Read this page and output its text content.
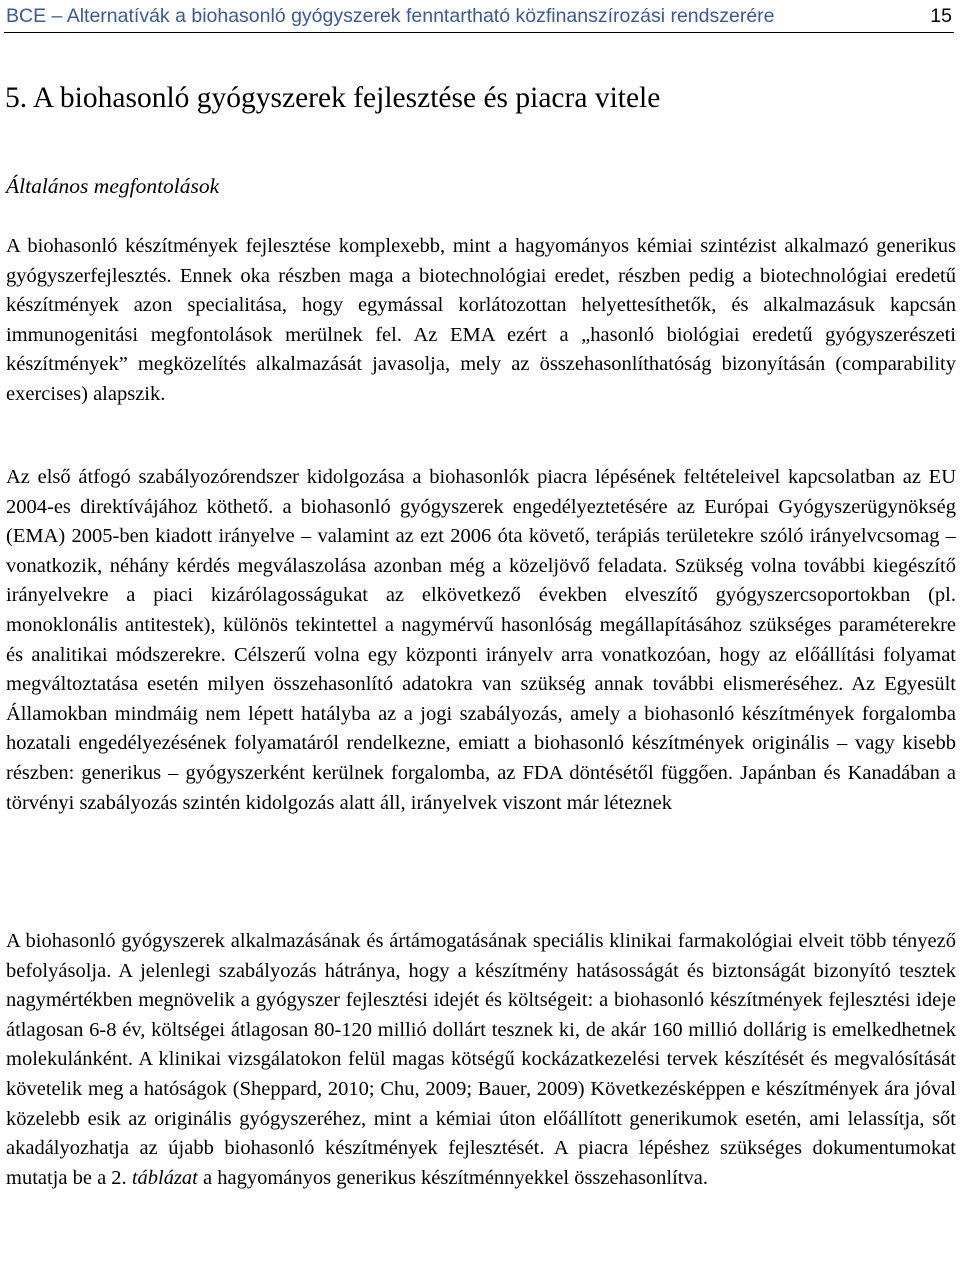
BCE – Alternatívák a biohasonló gyógyszerek fenntartható közfinanszírozási rendszerére	15
5. A biohasonló gyógyszerek fejlesztése és piacra vitele
Általános megfontolások

A biohasonló készítmények fejlesztése komplexebb, mint a hagyományos kémiai szintézist alkalmazó generikus gyógyszerfejlesztés. Ennek oka részben maga a biotechnológiai eredet, részben pedig a biotechnológiai eredetű készítmények azon specialitása, hogy egymással korlátozottan helyettesíthetők, és alkalmazásuk kapcsán immunogenitási megfontolások merülnek fel. Az EMA ezért a „hasonló biológiai eredetű gyógyszerészeti készítmények” megközelítés alkalmazását javasolja, mely az összehasonlíthatóság bizonyításán (comparability exercises) alapszik.

Az első átfogó szabályozórendszer kidolgozása a biohasonlók piacra lépésének feltételeivel kapcsolatban az EU 2004-es direktívájához köthető. a biohasonló gyógyszerek engedélyeztetésére az Európai Gyógyszerügynökség (EMA) 2005-ben kiadott irányelve – valamint az ezt 2006 óta követő, terápiás területekre szóló irányelvcsomag – vonatkozik, néhány kérdés megválaszolása azonban még a közeljövő feladata. Szükség volna további kiegészítő irányelvekre a piaci kizárólagosságukat az elkövetkező években elveszítő gyógyszercsoportokban (pl. monoklonális antitestek), különös tekintettel a nagymérvű hasonlóság megállapításához szükséges paraméterekre és analitikai módszerekre. Célszerű volna egy központi irányelv arra vonatkozóan, hogy az előállítási folyamat megváltoztatása esetén milyen összehasonlító adatokra van szükség annak további elismeréséhez. Az Egyesült Államokban mindmáig nem lépett hatályba az a jogi szabályozás, amely a biohasonló készítmények forgalomba hozatali engedélyezésének folyamatáról rendelkezne, emiatt a biohasonló készítmények originális – vagy kisebb részben: generikus – gyógyszerként kerülnek forgalomba, az FDA döntésétől függően. Japánban és Kanadában a törvényi szabályozás szintén kidolgozás alatt áll, irányelvek viszont már léteznek

A biohasonló gyógyszerek alkalmazásának és ártámogatásának speciális klinikai farmakológiai elveit több tényező befolyásolja. A jelenlegi szabályozás hátránya, hogy a készítmény hatásosságát és biztonságát bizonyító tesztek nagymértékben megnövelik a gyógyszer fejlesztési idejét és költségeit: a biohasonló készítmények fejlesztési ideje átlagosan 6-8 év, költségei átlagosan 80-120 millió dollárt tesznek ki, de akár 160 millió dollárig is emelkedhetnek molekulánként. A klinikai vizsgálatokon felül magas kötségű kockázatkezelési tervek készítését és megvalósítását követelik meg a hatóságok (Sheppard, 2010; Chu, 2009; Bauer, 2009) Következésképpen e készítmények ára jóval közelebb esik az originális gyógyszeréhez, mint a kémiai úton előállított generikumok esetén, ami lelassítja, sőt akadályozhatja az újabb biohasonló készítmények fejlesztését. A piacra lépéshez szükséges dokumentumokat mutatja be a 2. táblázat a hagyományos generikus készítménnyekkel összehasonlítva.
